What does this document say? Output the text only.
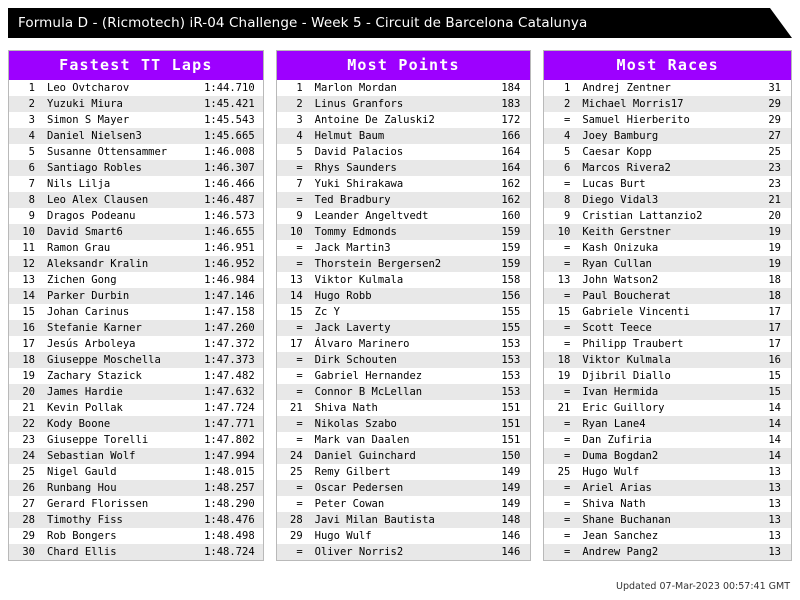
Formula D - (Ricmotech) iR-04 Challenge - Week 5 - Circuit de Barcelona Catalunya
Fastest TT Laps
1	Leo Ovtcharov	1:44.710
2	Yuzuki Miura	1:45.421
3	Simon S Mayer	1:45.543
4	Daniel Nielsen3	1:45.665
5	Susanne Ottensammer	1:46.008
6	Santiago Robles	1:46.307
7	Nils Lilja	1:46.466
8	Leo Alex Clausen	1:46.487
9	Dragos Podeanu	1:46.573
10	David Smart6	1:46.655
11	Ramon Grau	1:46.951
12	Aleksandr Kralin	1:46.952
13	Zichen Gong	1:46.984
14	Parker Durbin	1:47.146
15	Johan Carinus	1:47.158
16	Stefanie Karner	1:47.260
17	Jesús Arboleya	1:47.372
18	Giuseppe Moschella	1:47.373
19	Zachary Stazick	1:47.482
20	James Hardie	1:47.632
21	Kevin Pollak	1:47.724
22	Kody Boone	1:47.771
23	Giuseppe Torelli	1:47.802
24	Sebastian Wolf	1:47.994
25	Nigel Gauld	1:48.015
26	Runbang Hou	1:48.257
27	Gerard Florissen	1:48.290
28	Timothy Fiss	1:48.476
29	Rob Bongers	1:48.498
30	Chard Ellis	1:48.724
Most Points
1	Marlon Mordan	184
2	Linus Granfors	183
3	Antoine De Zaluski2	172
4	Helmut Baum	166
5	David Palacios	164
=	Rhys Saunders	164
7	Yuki Shirakawa	162
=	Ted Bradbury	162
9	Leander Angeltvedt	160
10	Tommy Edmonds	159
=	Jack Martin3	159
=	Thorstein Bergersen2	159
13	Viktor Kulmala	158
14	Hugo Robb	156
15	Zc Y	155
=	Jack Laverty	155
17	Álvaro Marinero	153
=	Dirk Schouten	153
=	Gabriel Hernandez	153
=	Connor B McLellan	153
21	Shiva Nath	151
=	Nikolas Szabo	151
=	Mark van Daalen	151
24	Daniel Guinchard	150
25	Remy Gilbert	149
=	Oscar Pedersen	149
=	Peter Cowan	149
28	Javi Milan Bautista	148
29	Hugo Wulf	146
=	Oliver Norris2	146
Most Races
1	Andrej Zentner	31
2	Michael Morris17	29
=	Samuel Hierberito	29
4	Joey Bamburg	27
5	Caesar Kopp	25
6	Marcos Rivera2	23
=	Lucas Burt	23
8	Diego Vidal3	21
9	Cristian Lattanzio2	20
10	Keith Gerstner	19
=	Kash Onizuka	19
=	Ryan Cullan	19
13	John Watson2	18
=	Paul Boucherat	18
15	Gabriele Vincenti	17
=	Scott Teece	17
=	Philipp Traubert	17
18	Viktor Kulmala	16
19	Djibril Diallo	15
=	Ivan Hermida	15
21	Eric Guillory	14
=	Ryan Lane4	14
=	Dan Zufiria	14
=	Duma Bogdan2	14
25	Hugo Wulf	13
=	Ariel Arias	13
=	Shiva Nath	13
=	Shane Buchanan	13
=	Jean Sanchez	13
=	Andrew Pang2	13
Updated 07-Mar-2023 00:57:41 GMT
